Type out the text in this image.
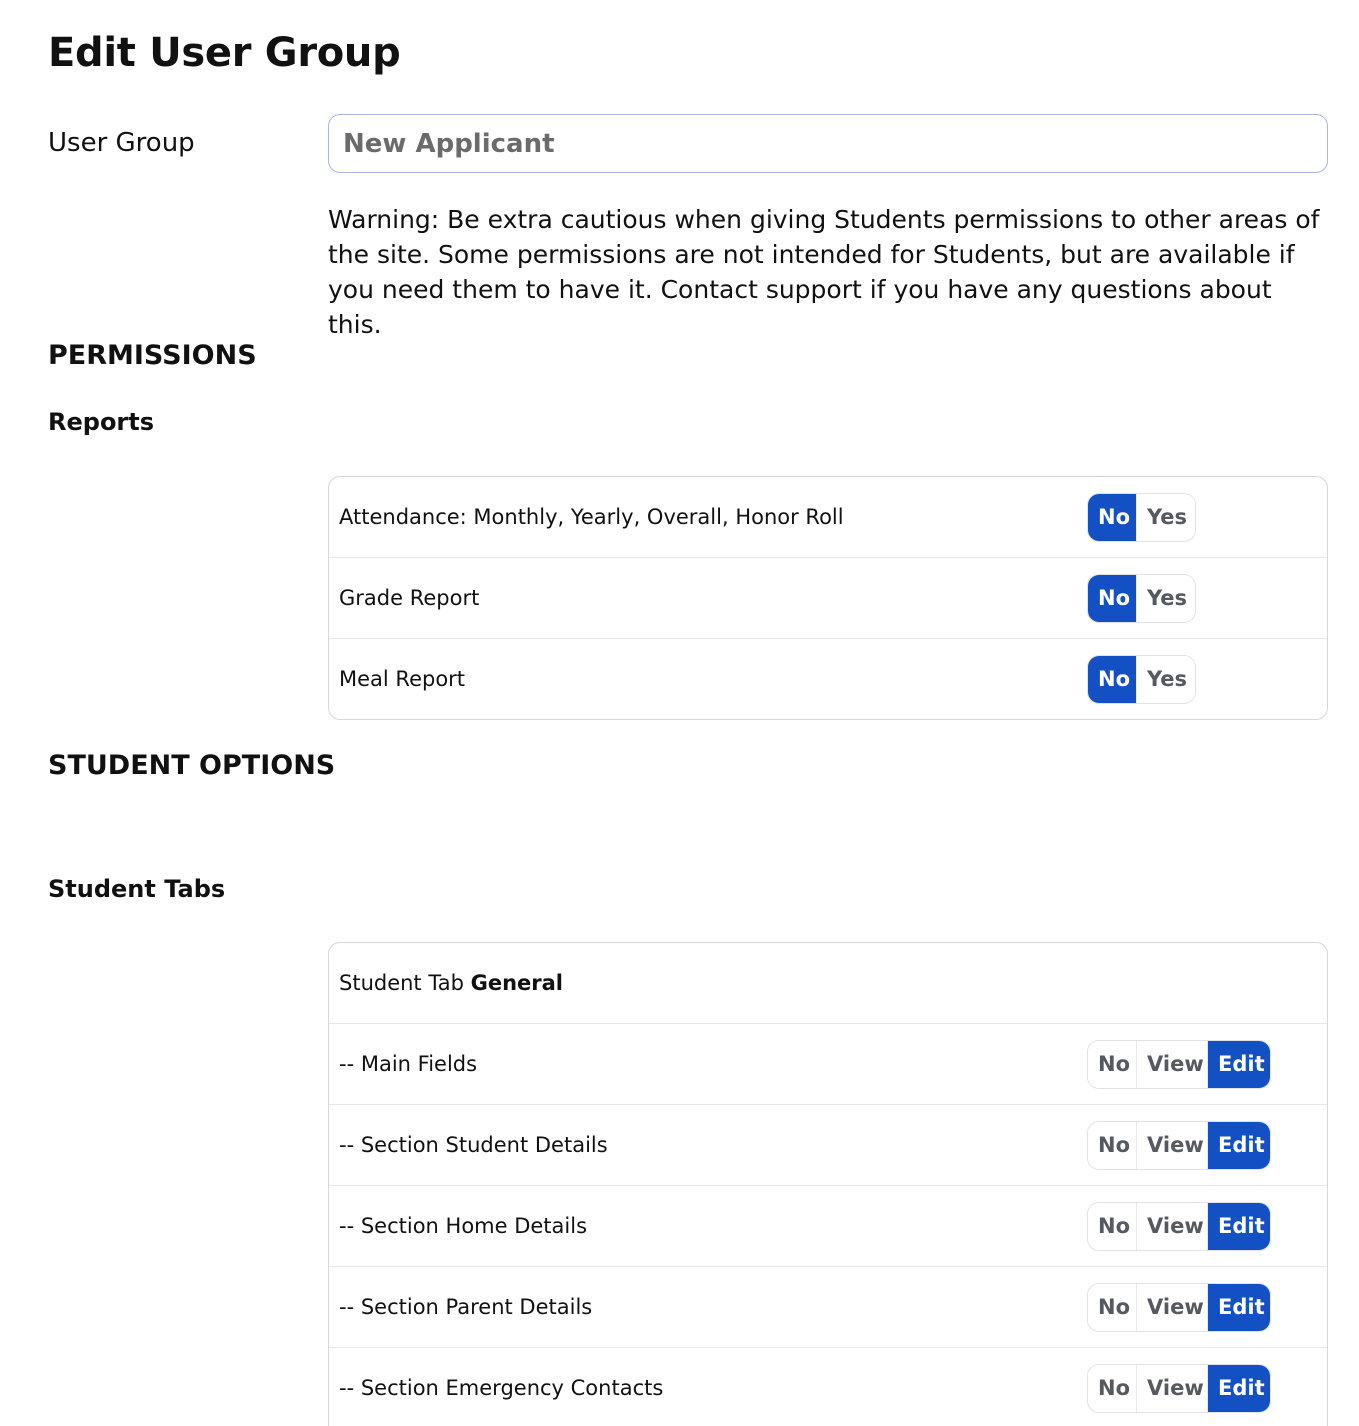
Edit User Group
User Group
New Applicant
Warning: Be extra cautious when giving Students permissions to other areas of the site. Some permissions are not intended for Students, but are available if you need them to have it. Contact support if you have any questions about this.
PERMISSIONS
Reports
Attendance: Monthly, Yearly, Overall, Honor Roll	No Yes
Grade Report	No Yes
Meal Report	No Yes
STUDENT OPTIONS
Student Tabs
Student Tab General
-- Main Fields	No View Edit
-- Section Student Details	No View Edit
-- Section Home Details	No View Edit
-- Section Parent Details	No View Edit
-- Section Emergency Contacts	No View Edit
